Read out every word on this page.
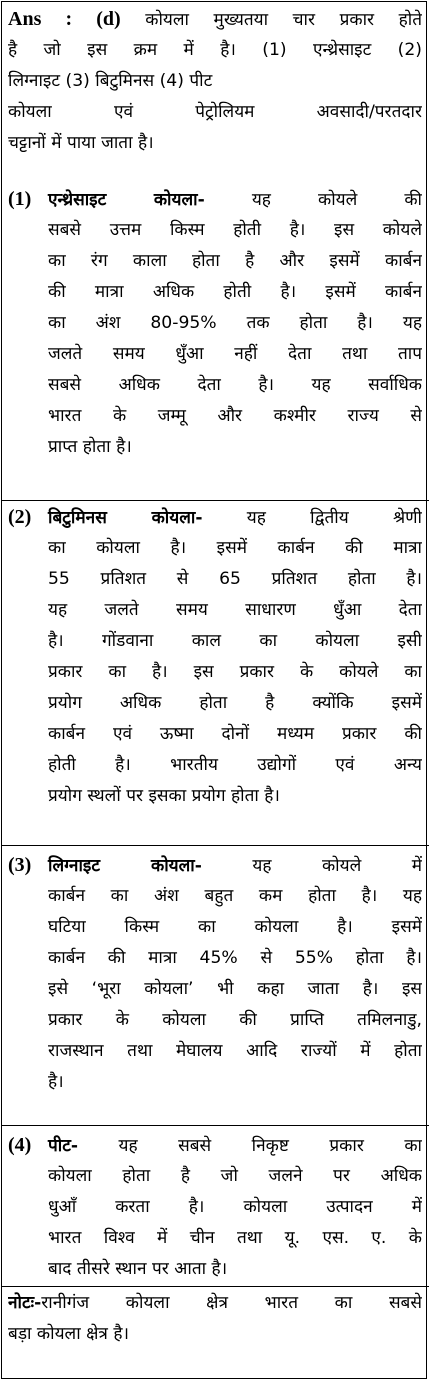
Ans : (d) कोयला मुख्यतया चार प्रकार होते
है जो इस क्रम में है। (1) एन्थ्रेसाइट (2)
लिग्नाइट (3) बिटुमिनस (4) पीट
कोयला एवं पेट्रोलियम अवसादी/परतदार
चट्टानों में पाया जाता है।
(1) एन्थ्रेसाइट कोयला-	यह कोयले की
सबसे उत्तम किस्म होती है। इस कोयले
का रंग काला होता है और इसमें कार्बन
की मात्रा अधिक होती है। इसमें कार्बन
का अंश 80-95% तक होता है। यह
जलते समय धुँआ नहीं देता तथा ताप
सबसे अधिक देता है। यह सर्वाधिक
भारत के जम्मू और कश्मीर राज्य से
प्राप्त होता है।
(2) बिटुमिनस कोयला-	यह द्वितीय श्रेणी
का कोयला है। इसमें कार्बन की मात्रा
55 प्रतिशत से 65 प्रतिशत होता है।
यह जलते समय साधारण धुँआ देता
है। गोंडवाना काल का कोयला इसी
प्रकार का है। इस प्रकार के कोयले का
प्रयोग अधिक होता है क्योंकि इसमें
कार्बन एवं ऊष्मा दोनों मध्यम प्रकार की
होती है। भारतीय उद्योगों एवं अन्य
प्रयोग स्थलों पर इसका प्रयोग होता है।
(3) लिग्नाइट कोयला-	यह कोयले में
कार्बन का अंश बहुत कम होता है। यह
घटिया किस्म का कोयला है। इसमें
कार्बन की मात्रा 45% से 55% होता है।
इसे ‘भूरा कोयला’ भी कहा जाता है। इस
प्रकार के कोयला की प्राप्ति तमिलनाडु,
राजस्थान तथा मेघालय आदि राज्यों में होता
है।
(4) पीट- यह सबसे निकृष्ट प्रकार का
कोयला होता है जो जलने पर अधिक
धुआँ करता है। कोयला उत्पादन में
भारत विश्व में चीन तथा यू. एस. ए. के
बाद तीसरे स्थान पर आता है।
नोटः-रानीगंज कोयला क्षेत्र भारत का सबसे
बड़ा कोयला क्षेत्र है।
